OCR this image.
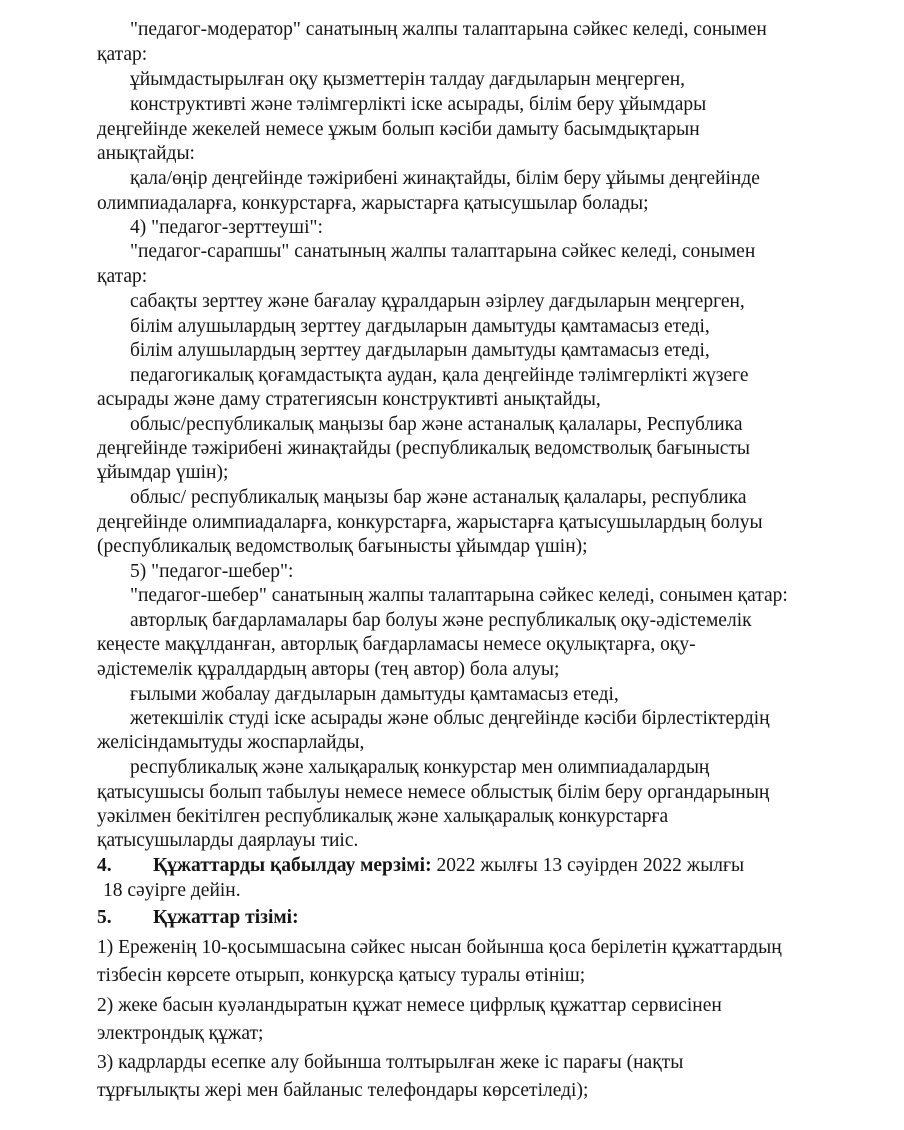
"педагог-модератор" санатының жалпы талаптарына сәйкес келеді, сонымен
қатар:
ұйымдастырылған оқу қызметтерін талдау дағдыларын меңгерген,
конструктивті және тәлімгерлікті іске асырады, білім беру ұйымдары
деңгейінде жекелей немесе ұжым болып кәсіби дамыту басымдықтарын
анықтайды:
қала/өңір деңгейінде тәжірибені жинақтайды, білім беру ұйымы деңгейінде
олимпиадаларға, конкурстарға, жарыстарға қатысушылар болады;
4) "педагог-зерттеуші":
"педагог-сарапшы" санатының жалпы талаптарына сәйкес келеді, сонымен
қатар:
сабақты зерттеу және бағалау құралдарын әзірлеу дағдыларын меңгерген,
білім алушылардың зерттеу дағдыларын дамытуды қамтамасыз етеді,
білім алушылардың зерттеу дағдыларын дамытуды қамтамасыз етеді,
педагогикалық қоғамдастықта аудан, қала деңгейінде тәлімгерлікті жүзеге
асырады және даму стратегиясын конструктивті анықтайды,
облыс/республикалық маңызы бар және астаналық қалалары, Республика
деңгейінде тәжірибені жинақтайды (республикалық ведомстволық бағынысты
ұйымдар үшін);
облыс/ республикалық маңызы бар және астаналық қалалары, республика
деңгейінде олимпиадаларға, конкурстарға, жарыстарға қатысушылардың болуы
(республикалық ведомстволық бағынысты ұйымдар үшін);
5) "педагог-шебер":
"педагог-шебер" санатының жалпы талаптарына сәйкес келеді, сонымен қатар:
авторлық бағдарламалары бар болуы және республикалық оқу-әдістемелік
кеңесте мақұлданған, авторлық бағдарламасы немесе оқулықтарға, оқу-
әдістемелік құралдардың авторы (тең автор) бола алуы;
ғылыми жобалау дағдыларын дамытуды қамтамасыз етеді,
жетекшілік студі іске асырады және облыс деңгейінде кәсіби бірлестіктердің
желісіндамытуды жоспарлайды,
республикалық және халықаралық конкурстар мен олимпиадалардың
қатысушысы болып табылуы немесе немесе облыстық білім беру органдарының
уәкілмен бекітілген республикалық және халықаралық конкурстарға
қатысушыларды даярлауы тиіс.
4. Құжаттарды қабылдау мерзімі: 2022 жылғы 13 сәуірден 2022 жылғы
18 сәуірге дейін.
5. Құжаттар тізімі:
1) Ереженің 10-қосымшасына сәйкес нысан бойынша қоса берілетін құжаттардың
тізбесін көрсете отырып, конкурсқа қатысу туралы өтініш;
2) жеке басын куәландыратын құжат немесе цифрлық құжаттар сервисінен
электрондық құжат;
3) кадрларды есепке алу бойынша толтырылған жеке іс парағы (нақты
тұрғылықты жері мен байланыс телефондары көрсетіледі);
